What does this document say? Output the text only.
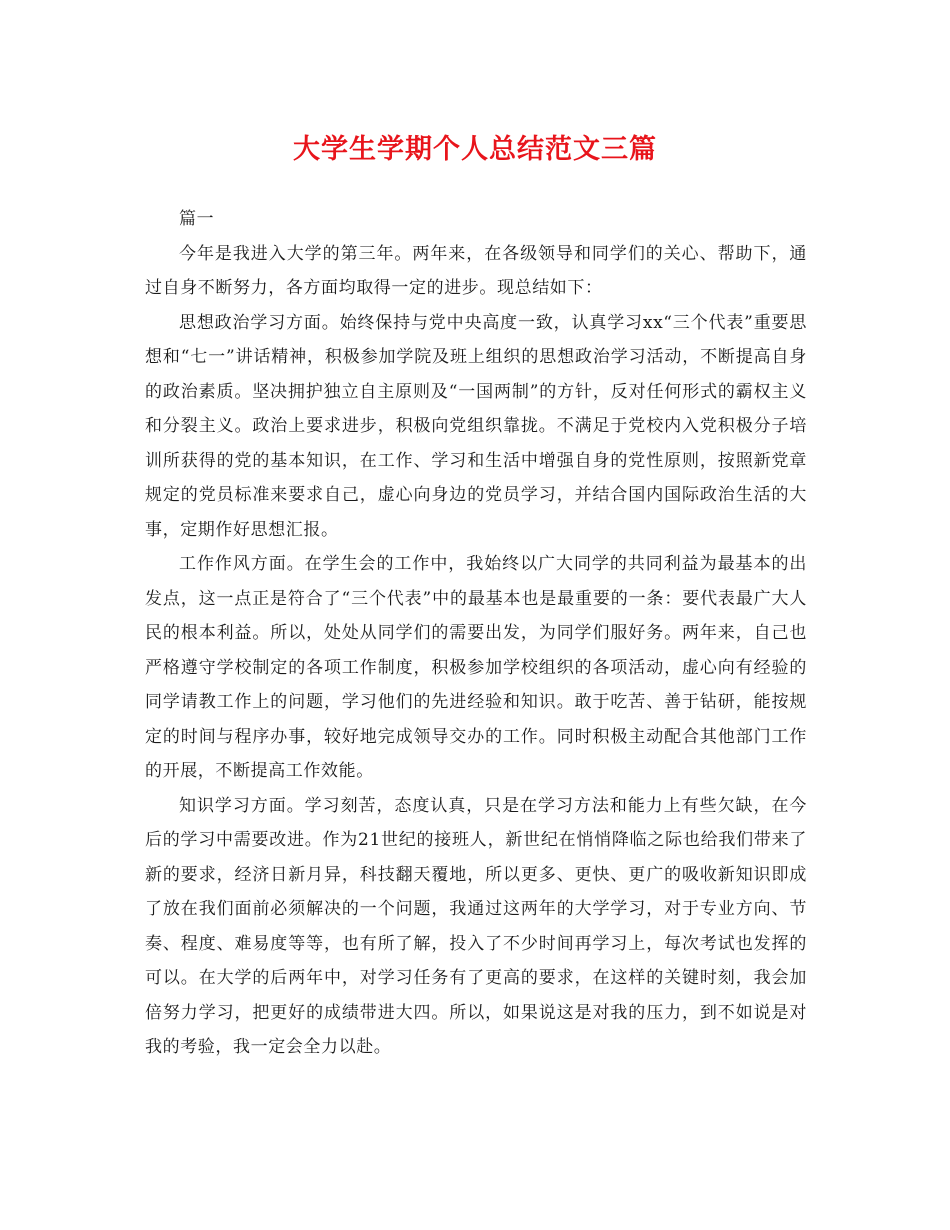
大学生学期个人总结范文三篇

篇一

今年是我进入大学的第三年。两年来，在各级领导和同学们的关心、帮助下，通过自身不断努力，各方面均取得一定的进步。现总结如下：

思想政治学习方面。始终保持与党中央高度一致，认真学习xx“三个代表”重要思想和“七一”讲话精神，积极参加学院及班上组织的思想政治学习活动，不断提高自身的政治素质。坚决拥护独立自主原则及“一国两制”的方针，反对任何形式的霸权主义和分裂主义。政治上要求进步，积极向党组织靠拢。不满足于党校内入党积极分子培训所获得的党的基本知识，在工作、学习和生活中增强自身的党性原则，按照新党章规定的党员标准来要求自己，虚心向身边的党员学习，并结合国内国际政治生活的大事，定期作好思想汇报。

工作作风方面。在学生会的工作中，我始终以广大同学的共同利益为最基本的出发点，这一点正是符合了“三个代表”中的最基本也是最重要的一条：要代表最广大人民的根本利益。所以，处处从同学们的需要出发，为同学们服好务。两年来，自己也严格遵守学校制定的各项工作制度，积极参加学校组织的各项活动，虚心向有经验的同学请教工作上的问题，学习他们的先进经验和知识。敢于吃苦、善于钻研，能按规定的时间与程序办事，较好地完成领导交办的工作。同时积极主动配合其他部门工作的开展，不断提高工作效能。

知识学习方面。学习刻苦，态度认真，只是在学习方法和能力上有些欠缺，在今后的学习中需要改进。作为21世纪的接班人，新世纪在悄悄降临之际也给我们带来了新的要求，经济日新月异，科技翻天覆地，所以更多、更快、更广的吸收新知识即成了放在我们面前必须解决的一个问题，我通过这两年的大学学习，对于专业方向、节奏、程度、难易度等等，也有所了解，投入了不少时间再学习上，每次考试也发挥的可以。在大学的后两年中，对学习任务有了更高的要求，在这样的关键时刻，我会加倍努力学习，把更好的成绩带进大四。所以，如果说这是对我的压力，到不如说是对我的考验，我一定会全力以赴。
